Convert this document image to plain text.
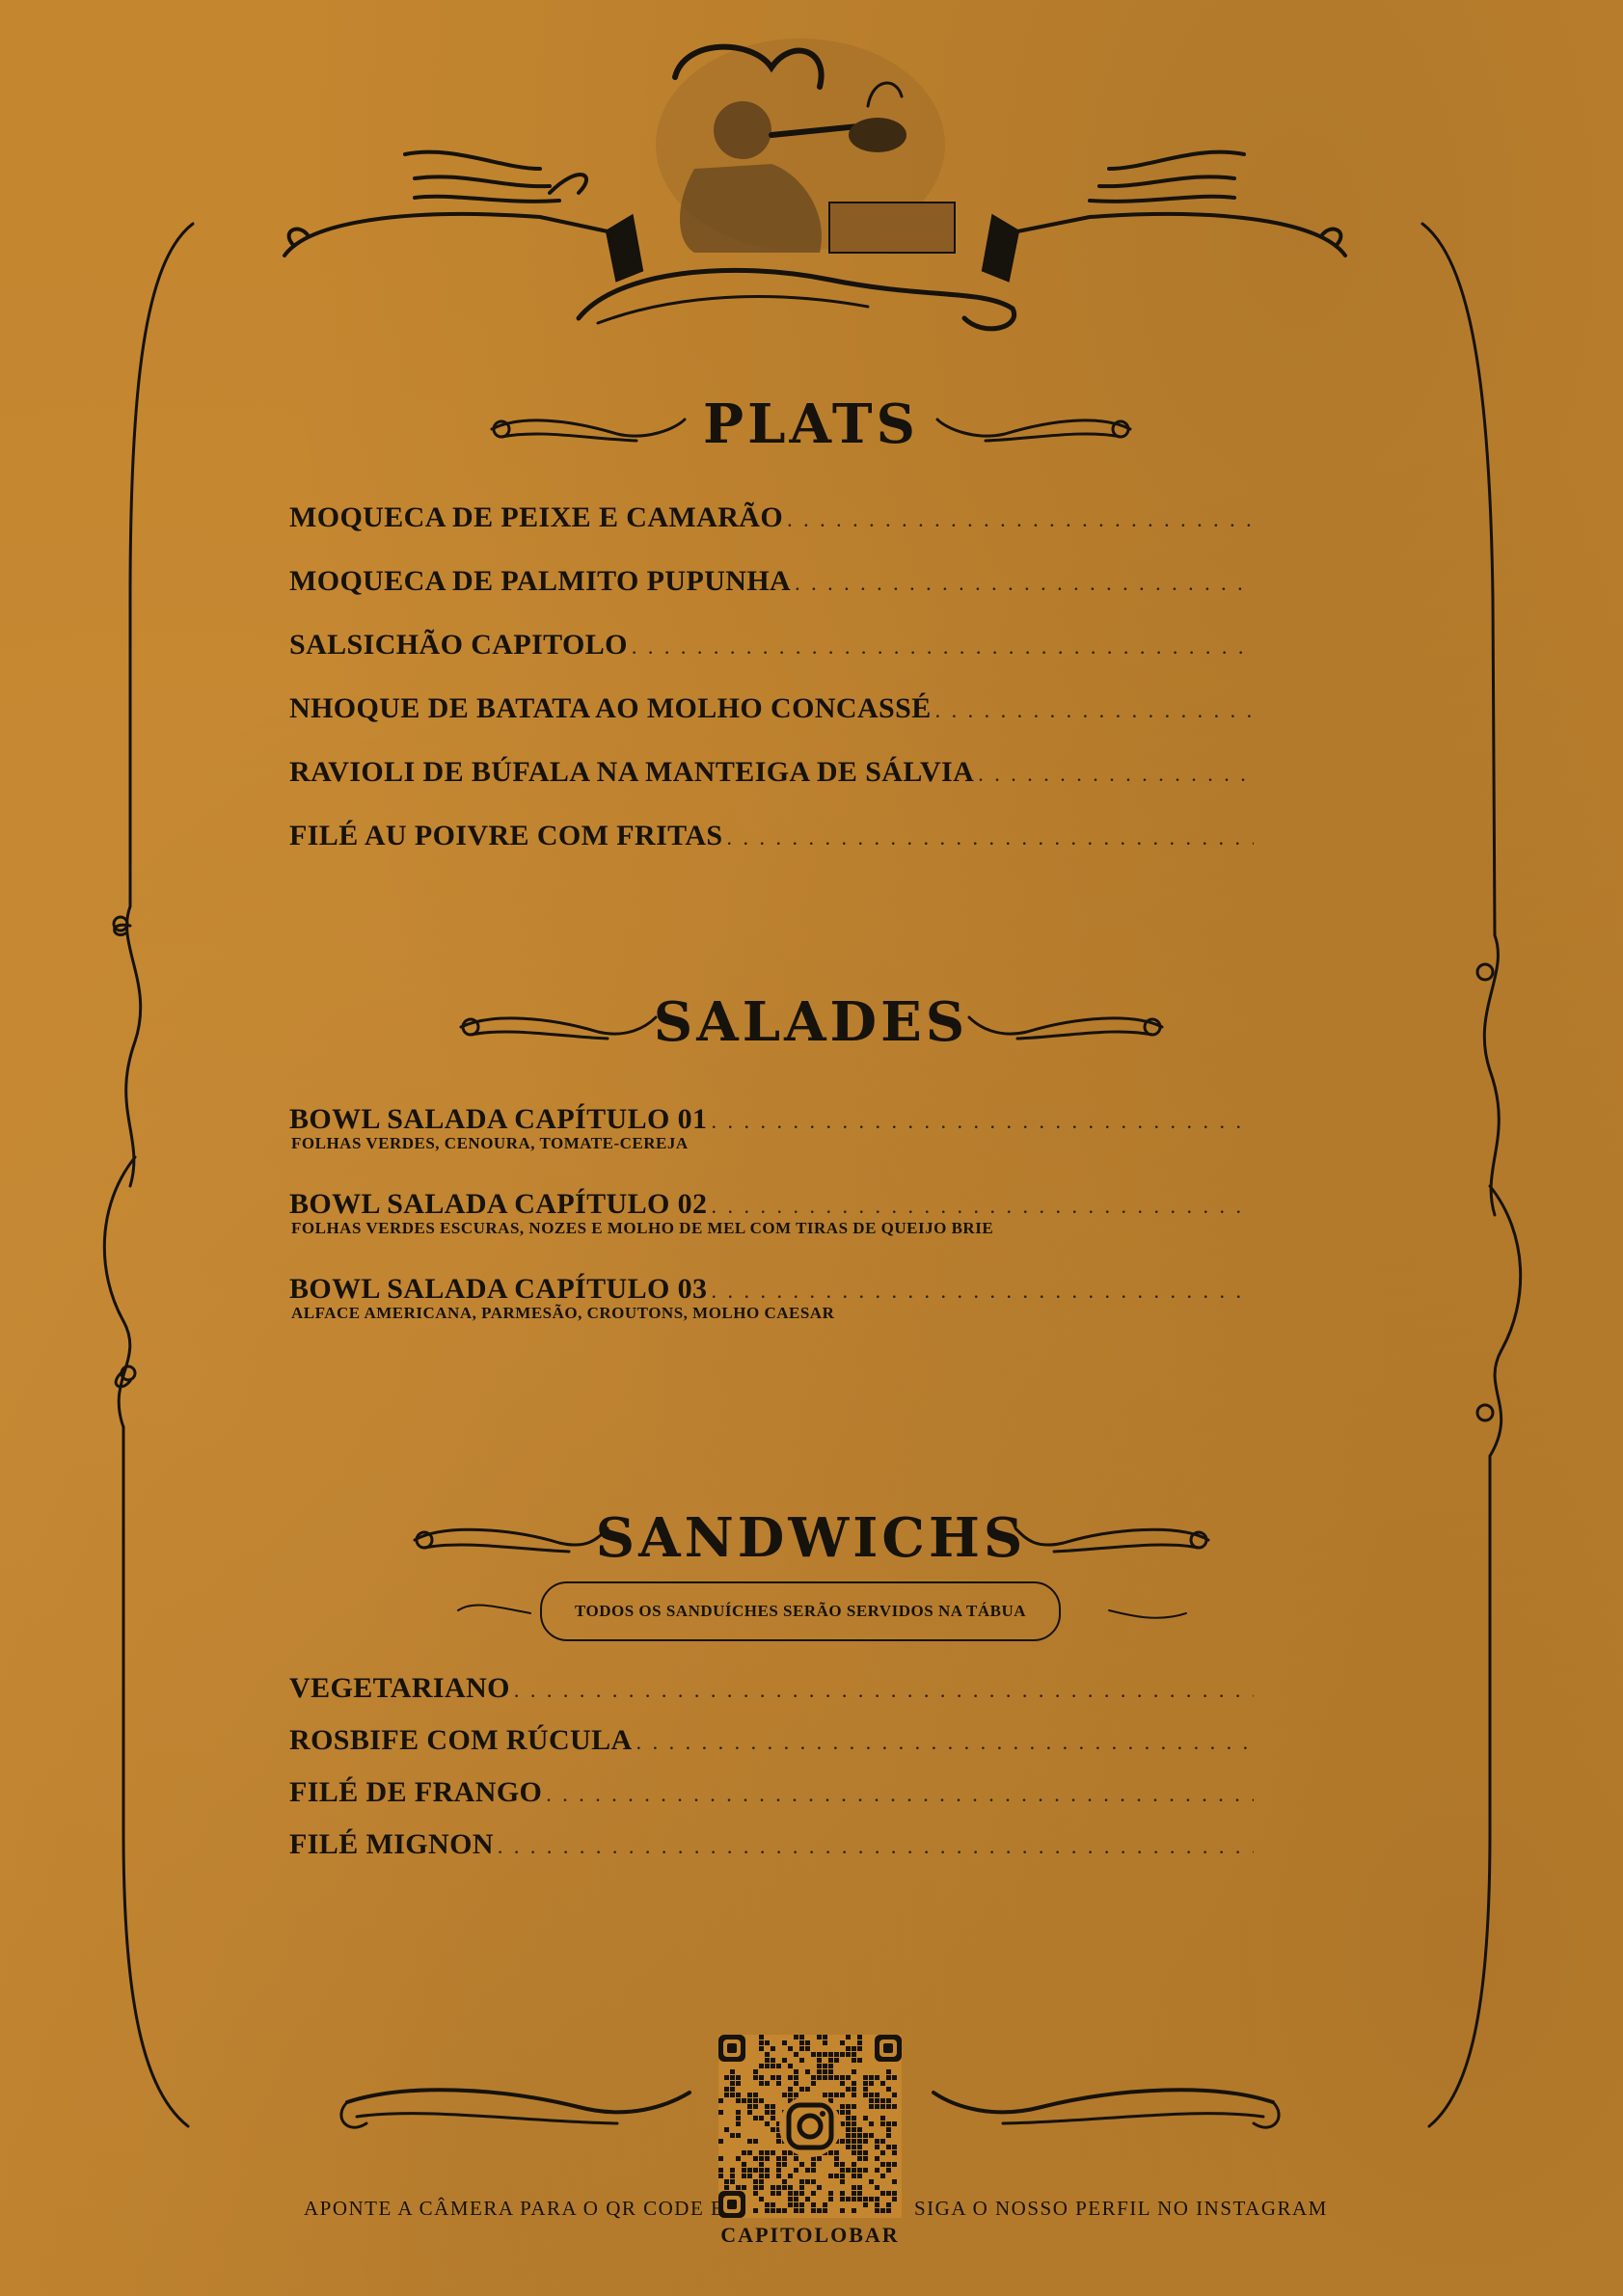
PLATS
MOQUECA DE PEIXE E CAMARÃO
. . .
MOQUECA DE PALMITO PUPUNHA
. . .
SALSICHÃO CAPITOLO
. . .
NHOQUE DE BATATA AO MOLHO CONCASSÉ
. . .
RAVIOLI DE BÚFALA NA MANTEIGA DE SÁLVIA
. . .
FILÉ AU POIVRE COM FRITAS
. . .
SALADES
BOWL SALADA CAPÍTULO 01
. . .
FOLHAS VERDES, CENOURA, TOMATE-CEREJA
BOWL SALADA CAPÍTULO 02
. . .
FOLHAS VERDES ESCURAS, NOZES E MOLHO DE MEL COM TIRAS DE QUEIJO BRIE
BOWL SALADA CAPÍTULO 03
. . .
ALFACE AMERICANA, PARMESÃO, CROUTONS, MOLHO CAESAR
SANDWICHS
TODOS OS SANDUÍCHES SERÃO SERVIDOS NA TÁBUA
VEGETARIANO
. . .
ROSBIFE COM RÚCULA
. . .
FILÉ DE FRANGO
. . .
FILÉ MIGNON
. . .
CAPITOLOBAR
APONTE A CÂMERA PARA O QR CODE E	SIGA O NOSSO PERFIL NO INSTAGRAM
